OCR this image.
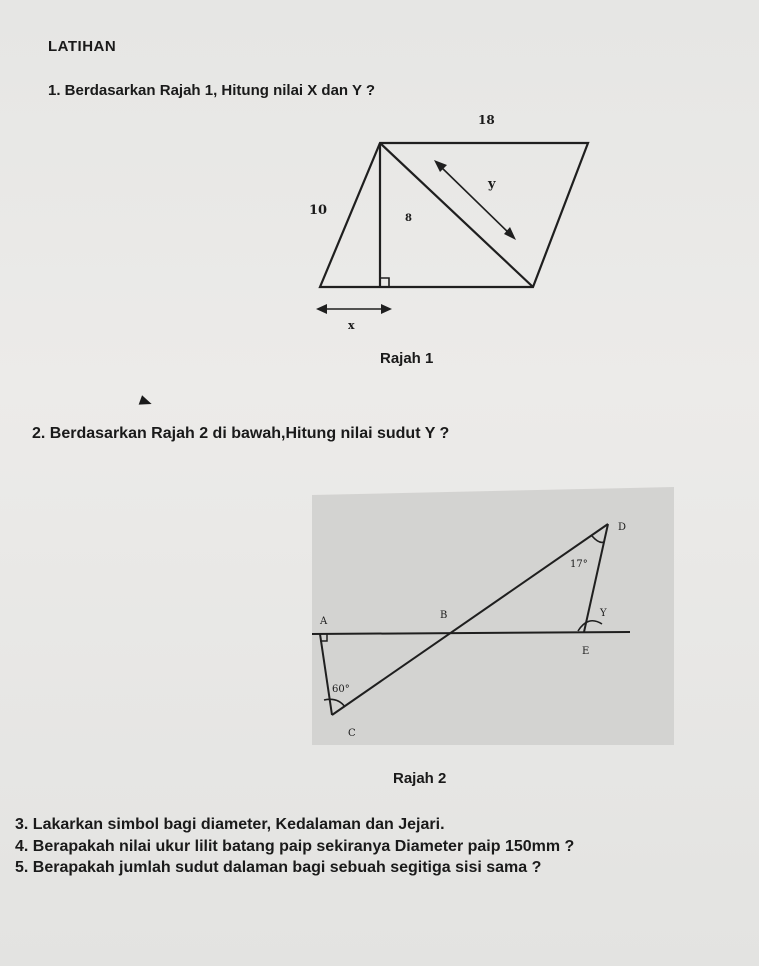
LATIHAN
1. Berdasarkan Rajah 1, Hitung nilai X dan Y ?
18
10
8
y
x
Rajah 1
2. Berdasarkan Rajah 2 di bawah,Hitung nilai sudut Y ?
D
17°
A
B	Y
E
60°
C
Rajah 2
3. Lakarkan simbol bagi diameter, Kedalaman dan Jejari.
4. Berapakah nilai ukur lilit batang paip sekiranya Diameter paip 150mm ?
5. Berapakah jumlah sudut dalaman bagi sebuah segitiga sisi sama ?
